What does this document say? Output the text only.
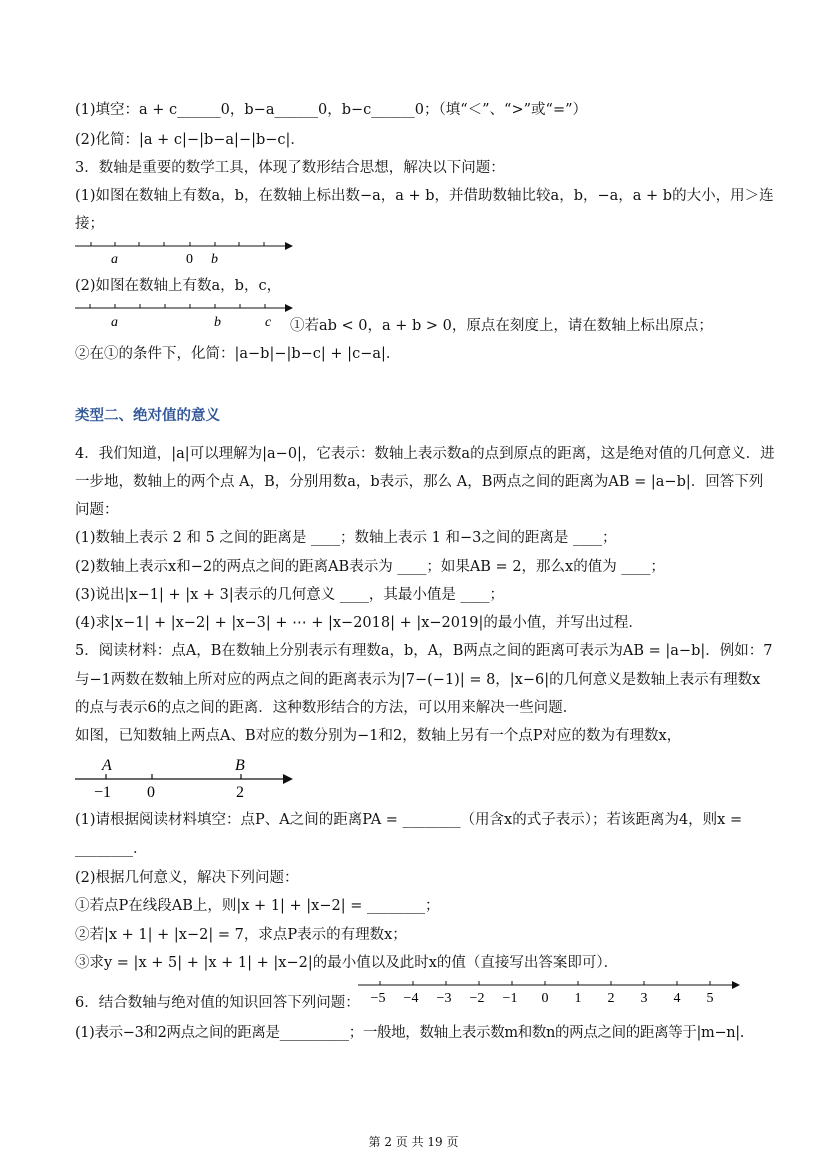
(1)填空：a + c______0，b−a______0，b−c______0；（填“＜”、“>”或“=”）
(2)化简：|a + c|−|b−a|−|b−c|．
3．数轴是重要的数学工具，体现了数形结合思想，解决以下问题：
(1)如图在数轴上有数a，b，在数轴上标出数−a，a + b，并借助数轴比较a，b，−a，a + b的大小，用＞连
接；
a	0 b
(2)如图在数轴上有数a，b，c，
a	b	c ①若ab < 0，a + b > 0，原点在刻度上，请在数轴上标出原点；
②在①的条件下，化简：|a−b|−|b−c| + |c−a|．
类型二、绝对值的意义
4．我们知道，|a|可以理解为|a−0|，它表示：数轴上表示数a的点到原点的距离，这是绝对值的几何意义．进
一步地，数轴上的两个点 A，B，分别用数a，b表示，那么 A，B两点之间的距离为AB = |a−b|．回答下列
问题：
(1)数轴上表示 2 和 5 之间的距离是 ____；数轴上表示 1 和−3之间的距离是 ____；
(2)数轴上表示x和−2的两点之间的距离AB表示为 ____；如果AB = 2，那么x的值为 ____；
(3)说出|x−1| + |x + 3|表示的几何意义 ____，其最小值是 ____；
(4)求|x−1| + |x−2| + |x−3| + ⋯ + |x−2018| + |x−2019|的最小值，并写出过程．
5．阅读材料：点A，B在数轴上分别表示有理数a，b，A，B两点之间的距离可表示为AB = |a−b|．例如：7
与−1两数在数轴上所对应的两点之间的距离表示为|7−(−1)| = 8，|x−6|的几何意义是数轴上表示有理数x
的点与表示6的点之间的距离．这种数形结合的方法，可以用来解决一些问题．
如图，已知数轴上两点A、B对应的数分别为−1和2，数轴上另有一个点P对应的数为有理数x，
A	B
−1 0	2
(1)请根据阅读材料填空：点P、A之间的距离PA = ________（用含x的式子表示）；若该距离为4，则x =
________．
(2)根据几何意义，解决下列问题：
①若点P在线段AB上，则|x + 1| + |x−2| = ________；
②若|x + 1| + |x−2| = 7，求点P表示的有理数x；
③求y = |x + 5| + |x + 1| + |x−2|的最小值以及此时x的值（直接写出答案即可）．
6．结合数轴与绝对值的知识回答下列问题： −5 −4 −3 −2 −1 0 1 2 3 4 5
(1)表示−3和2两点之间的距离是__________；一般地，数轴上表示数m和数n的两点之间的距离等于|m−n|.
第 2 页 共 19 页
